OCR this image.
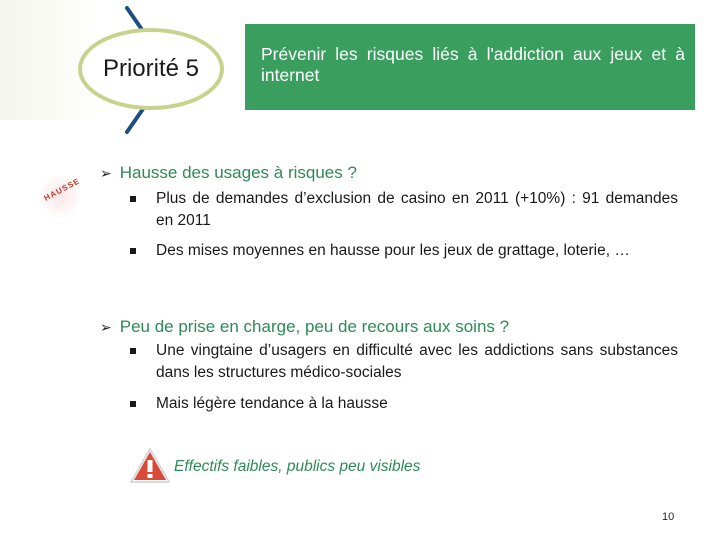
Priorité 5
Prévenir les risques liés à l'addiction aux jeux et à internet
HAUSSE
➢ Hausse des usages à risques ?
Plus de demandes d’exclusion de casino en 2011 (+10%) : 91 demandes en 2011
Des mises moyennes en hausse pour les jeux de grattage, loterie, …
➢ Peu de prise en charge, peu de recours aux soins ?
Une vingtaine d’usagers en difficulté avec les addictions sans substances dans les structures médico-sociales
Mais légère tendance à la hausse
Effectifs faibles, publics peu visibles
10
